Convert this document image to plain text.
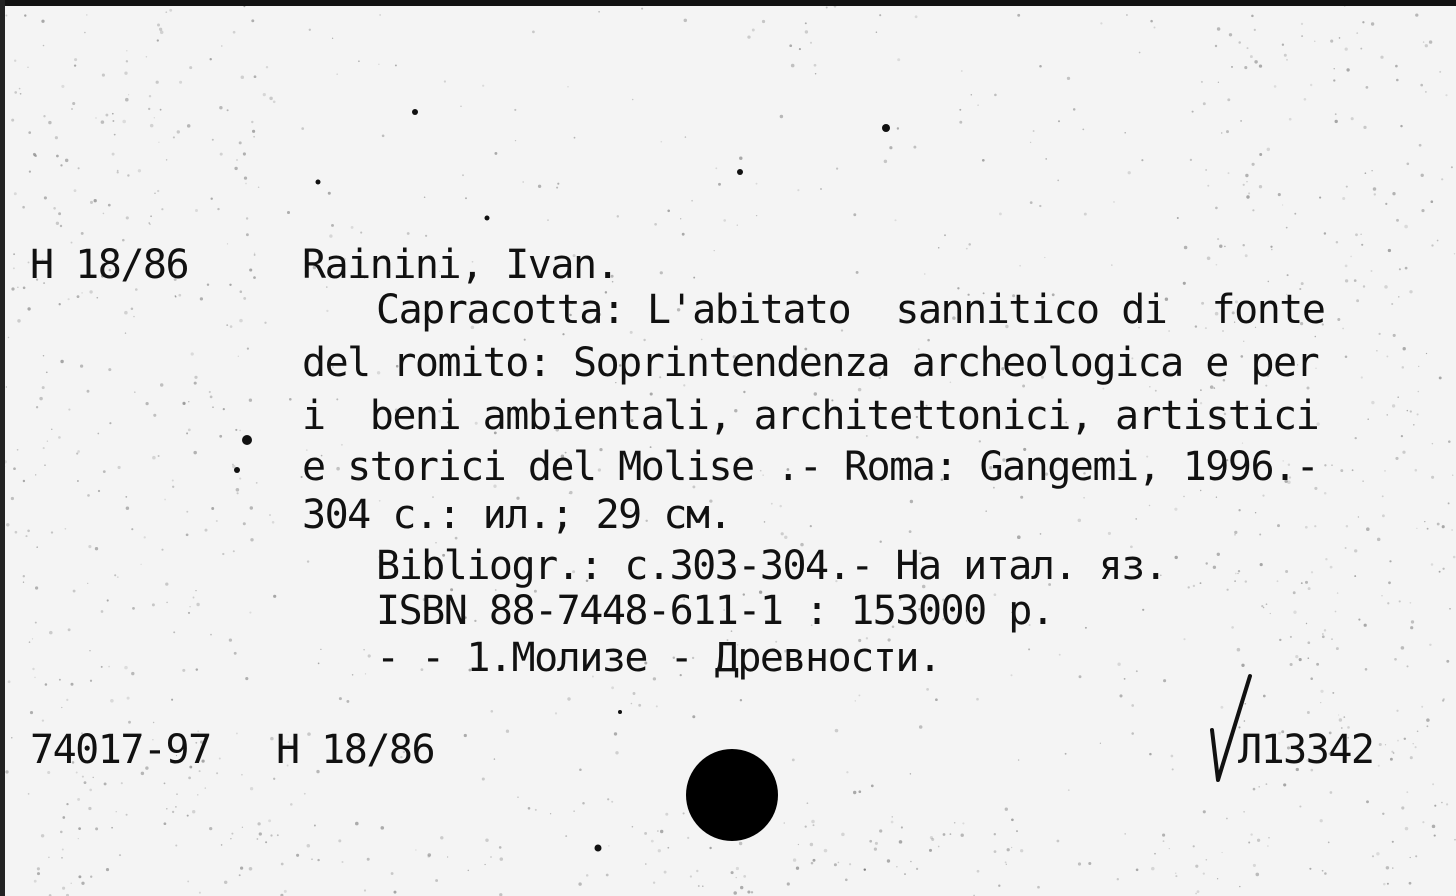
H 18/86	Rainini, Ivan.
Capracotta: L'abitato  sannitico di  fonte
del romito: Soprintendenza archeologica e per
i  beni ambientali, architettonici, artistici
e storici del Molise .- Roma: Gangemi, 1996.-
304 с.: ил.; 29 см.
Bibliogr.: c.303-304.- На итал. яз.
ISBN 88-7448-611-1 : 153000 р.
- - 1.Молизе - Древности.
74017-97 H 18/86	Л13342
